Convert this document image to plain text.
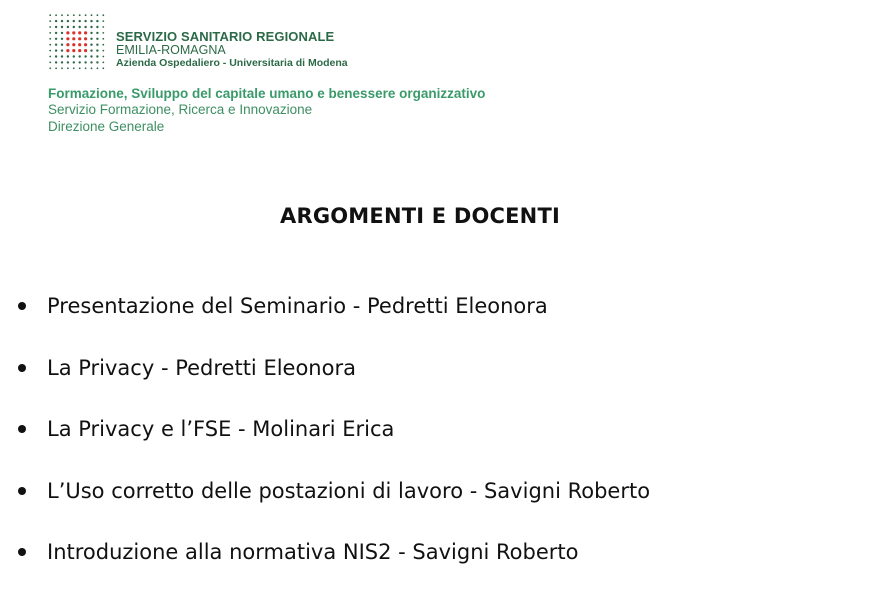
SERVIZIO SANITARIO REGIONALE
EMILIA-ROMAGNA
Azienda Ospedaliero - Universitaria di Modena
Formazione, Sviluppo del capitale umano e benessere organizzativo
Servizio Formazione, Ricerca e Innovazione
Direzione Generale
ARGOMENTI E DOCENTI
Presentazione del Seminario - Pedretti Eleonora
La Privacy - Pedretti Eleonora
La Privacy e l’FSE - Molinari Erica
L’Uso corretto delle postazioni di lavoro - Savigni Roberto
Introduzione alla normativa NIS2 - Savigni Roberto
